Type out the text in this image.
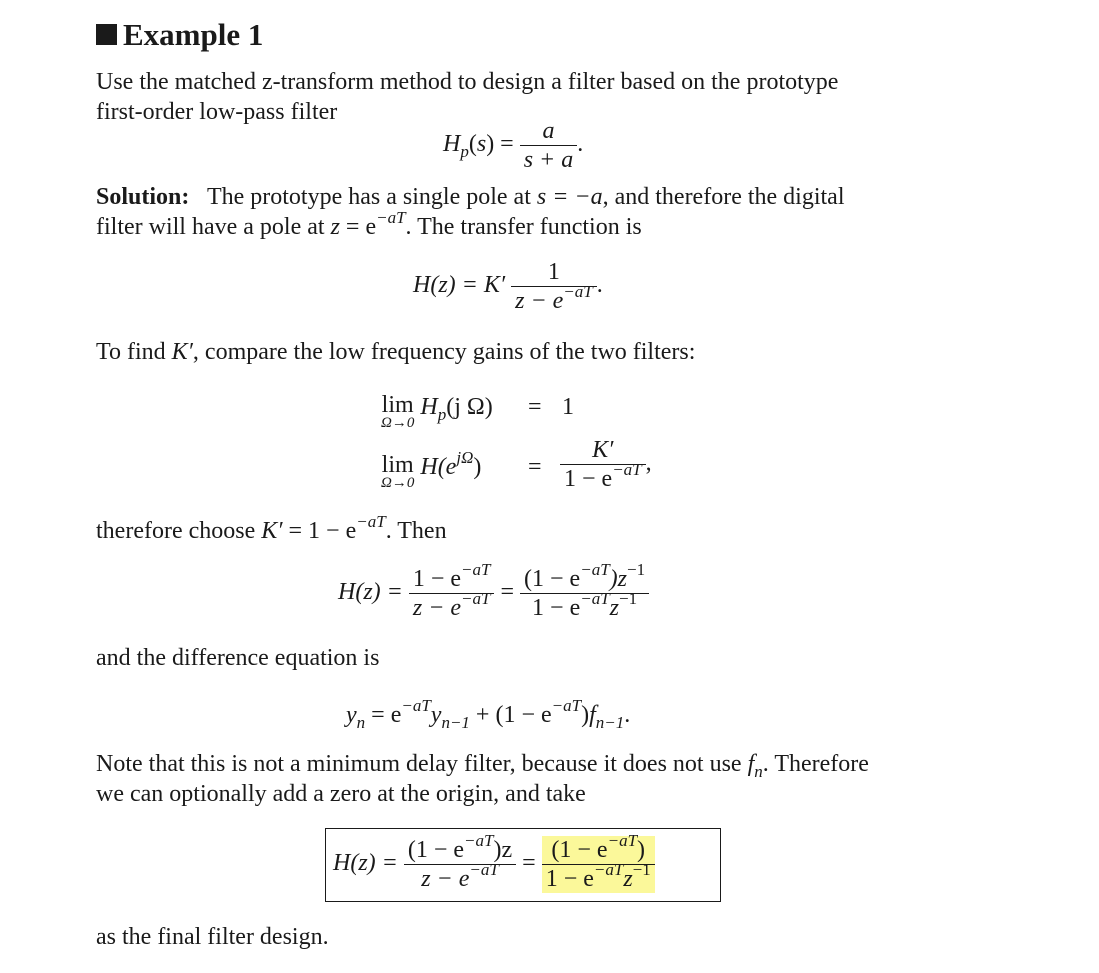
Example 1
Use the matched z-transform method to design a filter based on the prototype
first-order low-pass filter
$H_p(s) = \frac{a}{s + a}$ .
Solution: The prototype has a single pole at s = −a, and therefore the digital
filter will have a pole at $z = e^{-aT}$. The transfer function is
$H(z) = K' \frac{1}{z - e^{-aT}}$ .
To find K′, compare the low frequency gains of the two filters:
lim
Ω→0
$H_p(j$ Ω) = 1
lim
Ω→0
$H(e^{j\Omega}) = \frac{K'}{1 - e^{-aT}}$ ,
therefore choose $K' = 1 - e^{-aT}$. Then
$H(z) = \frac{1 - e^{-aT}}{z - e^{-aT}} = \frac{(1 - e^{-aT})z^{-1}}{1 - e^{-aT}z^{-1}}$
and the difference equation is
$y_n = e^{-aT}y_{n-1} + (1 - e^{-aT})f_{n-1}$.
Note that this is not a minimum delay filter, because it does not use $f_n$. Therefore
we can optionally add a zero at the origin, and take
$H(z) = \frac{(1 - e^{-aT})z}{z - e^{-aT}} = \frac{(1 - e^{-aT})}{1 - e^{-aT}z^{-1}}$
as the final filter design.
